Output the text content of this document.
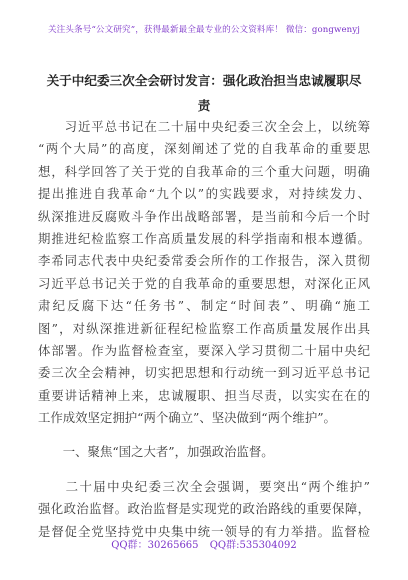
关注头条号“公文研究”，获得最新最全最专业的公文资料库！ 微信：gongwenyj
关于中纪委三次全会研讨发言：强化政治担当忠诚履职尽
责
　　习近平总书记在二十届中央纪委三次全会上，以统筹
“两个大局”的高度，深刻阐述了党的自我革命的重要思
想，科学回答了关于党的自我革命的三个重大问题，明确
提出推进自我革命“九个以”的实践要求，对持续发力、
纵深推进反腐败斗争作出战略部署，是当前和今后一个时
期推进纪检监察工作高质量发展的科学指南和根本遵循。
李希同志代表中央纪委常委会所作的工作报告，深入贯彻
习近平总书记关于党的自我革命的重要思想，对深化正风
肃纪反腐下达“任务书”、制定“时间表”、明确“施工
图”，对纵深推进新征程纪检监察工作高质量发展作出具
体部署。作为监督检查室，要深入学习贯彻二十届中央纪
委三次全会精神，切实把思想和行动统一到习近平总书记
重要讲话精神上来，忠诚履职、担当尽责，以实实在在的
工作成效坚定拥护“两个确立”、坚决做到“两个维护”。
　　一、聚焦“国之大者”，加强政治监督。
　　二十届中央纪委三次全会强调，要突出“两个维护”
强化政治监督。政治监督是实现党的政治路线的重要保障，
是督促全党坚持党中央集中统一领导的有力举措。监督检
QQ群：30265665 QQ群:535304092
